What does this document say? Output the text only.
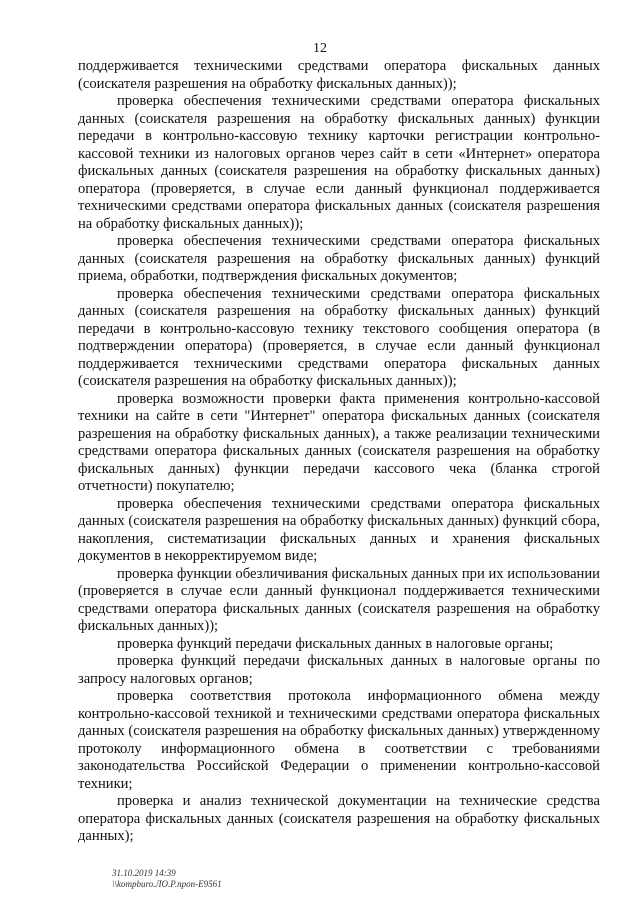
12

поддерживается техническими средствами оператора фискальных данных (соискателя разрешения на обработку фискальных данных));

проверка обеспечения техническими средствами оператора фискальных данных (соискателя разрешения на обработку фискальных данных) функции передачи в контрольно-кассовую технику карточки регистрации контрольно-кассовой техники из налоговых органов через сайт в сети «Интернет» оператора фискальных данных (соискателя разрешения на обработку фискальных данных) оператора (проверяется, в случае если данный функционал поддерживается техническими средствами оператора фискальных данных (соискателя разрешения на обработку фискальных данных));

проверка обеспечения техническими средствами оператора фискальных данных (соискателя разрешения на обработку фискальных данных) функций приема, обработки, подтверждения фискальных документов;

проверка обеспечения техническими средствами оператора фискальных данных (соискателя разрешения на обработку фискальных данных) функций передачи в контрольно-кассовую технику текстового сообщения оператора (в подтверждении оператора) (проверяется, в случае если данный функционал поддерживается техническими средствами оператора фискальных данных (соискателя разрешения на обработку фискальных данных));

проверка возможности проверки факта применения контрольно-кассовой техники на сайте в сети "Интернет" оператора фискальных данных (соискателя разрешения на обработку фискальных данных), а также реализации техническими средствами оператора фискальных данных (соискателя разрешения на обработку фискальных данных) функции передачи кассового чека (бланка строгой отчетности) покупателю;

проверка обеспечения техническими средствами оператора фискальных данных (соискателя разрешения на обработку фискальных данных) функций сбора, накопления, систематизации фискальных данных и хранения фискальных документов в некорректируемом виде;

проверка функции обезличивания фискальных данных при их использовании (проверяется в случае если данный функционал поддерживается техническими средствами оператора фискальных данных (соискателя разрешения на обработку фискальных данных));

проверка функций передачи фискальных данных в налоговые органы;

проверка функций передачи фискальных данных в налоговые органы по запросу налоговых органов;

проверка соответствия протокола информационного обмена между контрольно-кассовой техникой и техническими средствами оператора фискальных данных (соискателя разрешения на обработку фискальных данных) утвержденному протоколу информационного обмена в соответствии с требованиями законодательства Российской Федерации о применении контрольно-кассовой техники;

проверка и анализ технической документации на технические средства оператора фискальных данных (соискателя разрешения на обработку фискальных данных);

31.10.2019 14:39
\\kompburo.ЛО.Р.проп-Е9561
